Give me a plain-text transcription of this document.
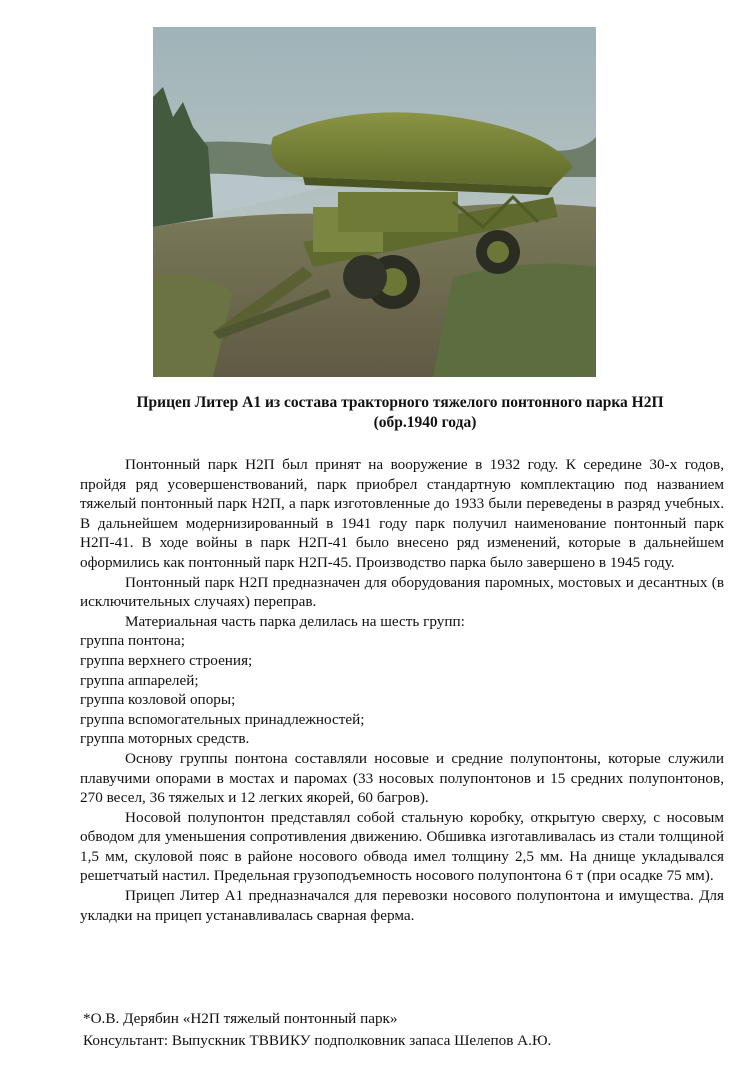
Прицеп Литер А1 из состава тракторного тяжелого понтонного парка Н2П
(обр.1940 года)

Понтонный парк Н2П был принят на вооружение в 1932 году. К середине 30-х годов, пройдя ряд усовершенствований, парк приобрел стандартную комплектацию под названием тяжелый понтонный парк Н2П, а парк изготовленные до 1933 были переведены в разряд учебных. В дальнейшем модернизированный в 1941 году парк получил наименование понтонный парк Н2П-41. В ходе войны в парк Н2П-41 было внесено ряд изменений, которые в дальнейшем оформились как понтонный парк Н2П-45. Производство парка было завершено в 1945 году.

Понтонный парк Н2П предназначен для оборудования паромных, мостовых и десантных (в исключительных случаях) переправ.

Материальная часть парка делилась на шесть групп:

группа понтона;

группа верхнего строения;

группа аппарелей;

группа козловой опоры;

группа вспомогательных принадлежностей;

группа моторных средств.

Основу группы понтона составляли носовые и средние полупонтоны, которые служили плавучими опорами в мостах и паромах (33 носовых полупонтонов и 15 средних полупонтонов, 270 весел, 36 тяжелых и 12 легких якорей, 60 багров).

Носовой полупонтон представлял собой стальную коробку, открытую сверху, с носовым обводом для уменьшения сопротивления движению. Обшивка изготавливалась из стали толщиной 1,5 мм, скуловой пояс в районе носового обвода имел толщину 2,5 мм. На днище укладывался решетчатый настил. Предельная грузоподъемность носового полупонтона 6 т (при осадке 75 мм).

Прицеп Литер А1 предназначался для перевозки носового полупонтона и имущества. Для укладки на прицеп устанавливалась сварная ферма.

*О.В. Дерябин «Н2П тяжелый понтонный парк»
Консультант: Выпускник ТВВИКУ подполковник запаса Шелепов А.Ю.
